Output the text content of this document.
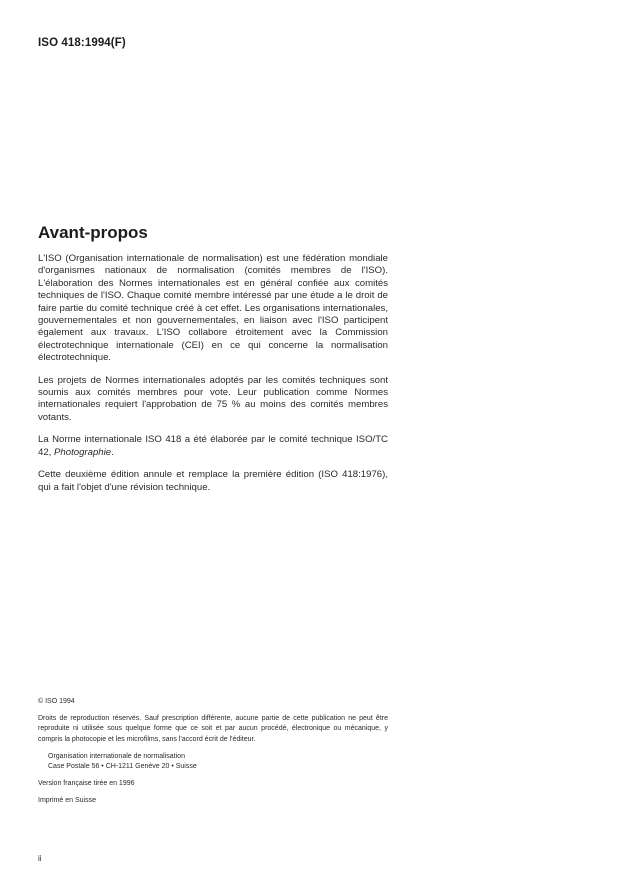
ISO 418:1994(F)
Avant-propos

L'ISO (Organisation internationale de normalisation) est une fédération mondiale d'organismes nationaux de normalisation (comités membres de l'ISO). L'élaboration des Normes internationales est en général confiée aux comités techniques de l'ISO. Chaque comité membre intéressé par une étude a le droit de faire partie du comité technique créé à cet effet. Les organisations internationales, gouvernementales et non gouvernementales, en liaison avec l'ISO participent également aux travaux. L'ISO collabore étroitement avec la Commission électrotechnique internationale (CEI) en ce qui concerne la normalisation électrotechnique.

Les projets de Normes internationales adoptés par les comités techniques sont soumis aux comités membres pour vote. Leur publication comme Normes internationales requiert l'approbation de 75 % au moins des comités membres votants.

La Norme internationale ISO 418 a été élaborée par le comité technique ISO/TC 42, Photographie.

Cette deuxième édition annule et remplace la première édition (ISO 418:1976), qui a fait l'objet d'une révision technique.

© ISO 1994

Droits de reproduction réservés. Sauf prescription différente, aucune partie de cette publication ne peut être reproduite ni utilisée sous quelque forme que ce soit et par aucun procédé, électronique ou mécanique, y compris la photocopie et les microfilms, sans l'accord écrit de l'éditeur.

Organisation internationale de normalisation
Case Postale 56 • CH-1211 Genève 20 • Suisse

Version française tirée en 1996

Imprimé en Suisse

ii
